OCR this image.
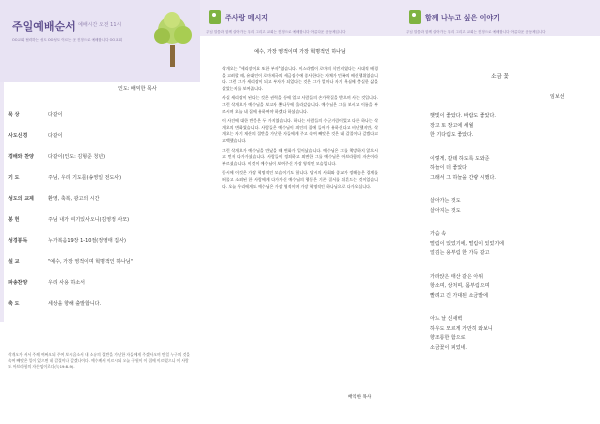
주일예배순서 예배시간 오전 11시
OO교회 협력하는 성도 OO성도 이르는 곳 진정으로 예배합니다 OO교회
인도: 배익한 목사
묵 상	다같이
사도신경	다같이
경배와 찬양	다같이(인도: 김형준 청년)
기 도	주님, 우리 기도를(송영일 전도사)
성도의 교제	환영, 축복, 광고의 시간
봉 헌	주님 내가 여기있사오니(김영정 사모)
성경봉독	누가복음19장 1-10절(정영태 집사)
설 교	"예수, 가장 영적이며 혁명적인 하나님"
파송찬양	우리 사용 하소서
축 도	세상을 향해 출발합니다.
삭개오가 서서 주께 여짜오되 주여 보시옵소서 내 소유의 절반을 가난한 자들에게 주겠사오며 만일 누구의 것을 속여 빼앗은 일이 있으면 네 갑절이나 갚겠나이다. 예수께서 이르시되 오늘 구원이 이 집에 이르렀으니 이 사람도 아브라함의 자손임이로다(눅19:8-9).
주사랑 메시지
주님 말씀과 함께 살아가는 우리 그리고 교회는 진정으로 예배합니다 아름다운 공동체입니다
예수, 가장 영적이며 가장 혁명적인 하나님

삭개오는 "세리장이요 또한 부자"였습니다. 이스라엘이 로마의 식민지였다는 시대적 배경을 고려할 때, 유대인이 로마제국의 세금징수에 종사한다는 자체가 민족의 배신행위였습니다. 그런 그가 세리장이 되고 부자가 되었다는 것은 그가 얼마나 자기 욕심에 충실한 삶을 살았는지를 보여줍니다.

사실 세리장이 된다는 것은 권력을 등에 업고 사람들의 손가락질을 받으며 사는 것입니다. 그런 삭개오가 예수님을 보고자 뽕나무에 올라갔습니다. 예수님은 그를 보시고 이름을 부르시며 오늘 네 집에 유하여야 하겠다 하셨습니다.

이 사건에 대한 반응은 두 가지였습니다. 하나는 사람들의 수군거림이었고 다른 하나는 삭개오의 변화였습니다. 사람들은 예수님이 죄인의 집에 들어가 유하신다고 비난했지만, 삭개오는 자기 재산의 절반을 가난한 자들에게 주고 속여 빼앗은 것은 네 갑절이나 갚겠다고 고백했습니다.

그런 삭개오가 예수님을 만났을 때 변화가 일어났습니다. 예수님은 그를 책망하지 않으시고 먼저 다가가셨습니다. 사람들이 정죄하고 외면한 그를 예수님은 아브라함의 자손이라 부르셨습니다. 이것이 예수님이 보여주신 가장 영적인 모습입니다.

동시에 이것은 가장 혁명적인 모습이기도 합니다. 당시의 사회와 종교가 정해놓은 경계를 허물고 소외된 한 사람에게 다가가신 예수님의 행동은 기존 질서를 뒤흔드는 것이었습니다. 오늘 우리에게도 예수님은 가장 영적이며 가장 혁명적인 하나님으로 다가오십니다.

배익한 목사
함께 나누고 싶은 이야기
주님 말씀과 함께 살아가는 우리 그리고 교회는 진정으로 예배합니다 아름다운 공동체입니다
소금 꽃
임보선
햇빛이 좋았다. 바람도 좋았다.
장고 또 장고에 세월
한 기다림도 좋았다.
이렇게, 갈데 하도록 도와준
하늘이 더 좋았다
그래서 그 하늘을 간량 시했다.
살아가는 것도
살아지는 것도
가슴 속
떨림이 있었기에, 떨림이 있었기에
얼김는 용부림 한 가득 같고
가라앉은 태산 같은 아위
항소며, 상처며, 몸부림으며
빨려고 긴 가대된 소금밭에
아느 날 신새벽
하우도 모르게 가만히 와보니
향조롱한 함으로
소금꽃이 피었네.
